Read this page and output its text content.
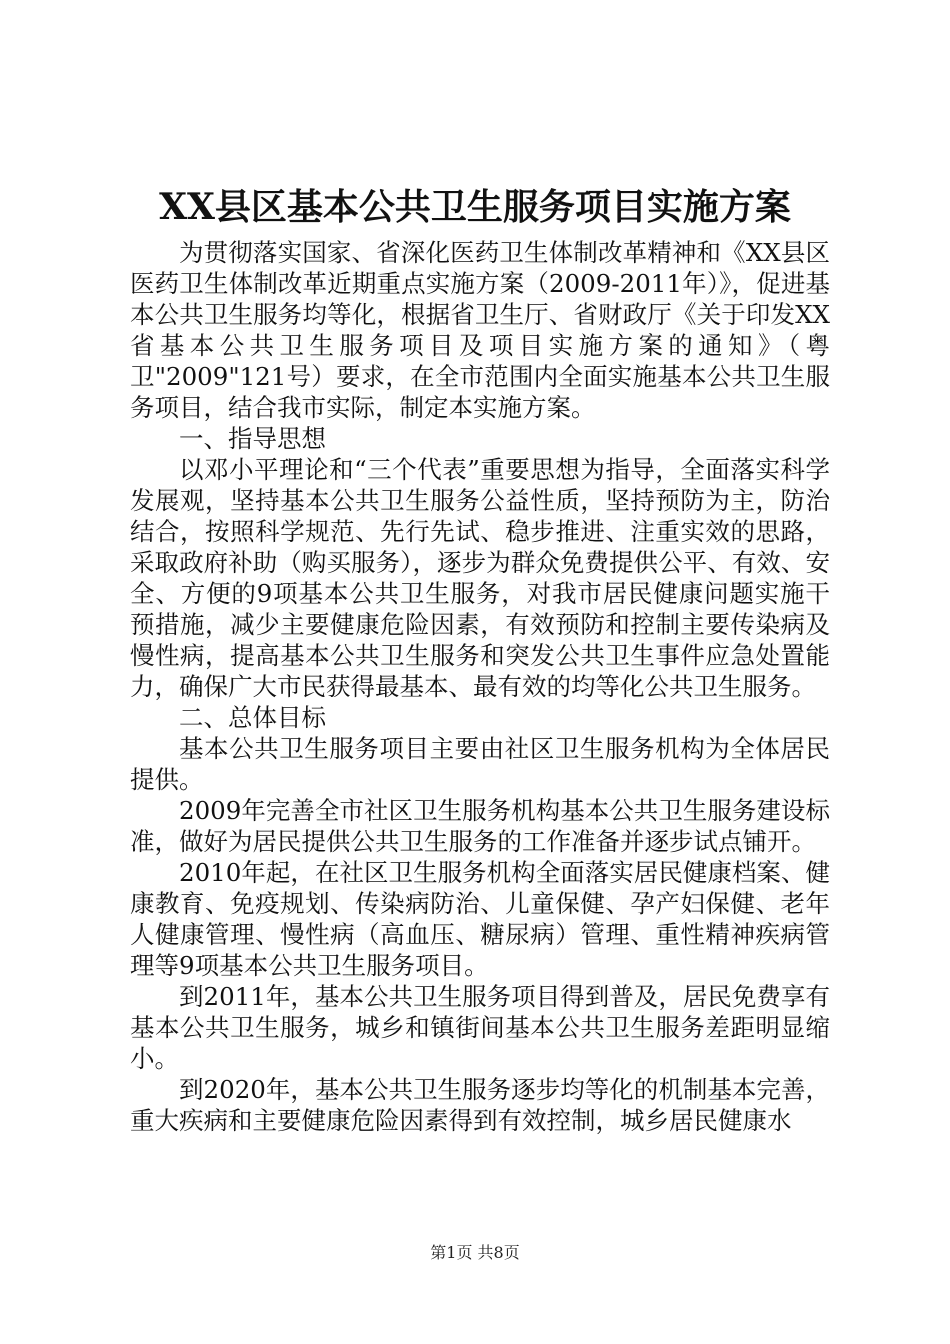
XX县区基本公共卫生服务项目实施方案

为贯彻落实国家、省深化医药卫生体制改革精神和《XX县区医药卫生体制改革近期重点实施方案（2009-2011年）》，促进基本公共卫生服务均等化，根据省卫生厅、省财政厅《关于印发XX省基本公共卫生服务项目及项目实施方案的通知》（粤卫"2009"121号）要求，在全市范围内全面实施基本公共卫生服务项目，结合我市实际，制定本实施方案。

一、指导思想

以邓小平理论和“三个代表”重要思想为指导，全面落实科学发展观，坚持基本公共卫生服务公益性质，坚持预防为主，防治结合，按照科学规范、先行先试、稳步推进、注重实效的思路，采取政府补助（购买服务），逐步为群众免费提供公平、有效、安全、方便的9项基本公共卫生服务，对我市居民健康问题实施干预措施，减少主要健康危险因素，有效预防和控制主要传染病及慢性病，提高基本公共卫生服务和突发公共卫生事件应急处置能力，确保广大市民获得最基本、最有效的均等化公共卫生服务。

二、总体目标

基本公共卫生服务项目主要由社区卫生服务机构为全体居民提供。

2009年完善全市社区卫生服务机构基本公共卫生服务建设标准，做好为居民提供公共卫生服务的工作准备并逐步试点铺开。

2010年起，在社区卫生服务机构全面落实居民健康档案、健康教育、免疫规划、传染病防治、儿童保健、孕产妇保健、老年人健康管理、慢性病（高血压、糖尿病）管理、重性精神疾病管理等9项基本公共卫生服务项目。

到2011年，基本公共卫生服务项目得到普及，居民免费享有基本公共卫生服务，城乡和镇街间基本公共卫生服务差距明显缩小。

到2020年，基本公共卫生服务逐步均等化的机制基本完善，重大疾病和主要健康危险因素得到有效控制，城乡居民健康水

第1页 共8页
